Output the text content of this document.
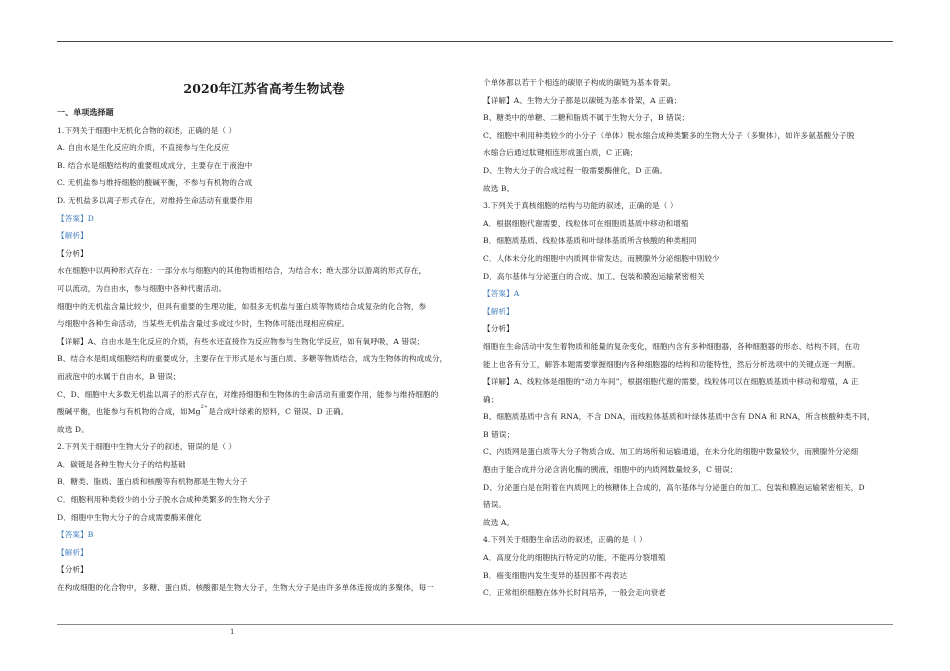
2020年江苏省高考生物试卷
一、单项选择题
1.下列关于细胞中无机化合物的叙述，正确的是（ ）
A. 自由水是生化反应的介质，不直接参与生化反应
B. 结合水是细胞结构的重要组成成分，主要存在于液泡中
C. 无机盐参与维持细胞的酸碱平衡，不参与有机物的合成
D. 无机盐多以离子形式存在，对维持生命活动有重要作用
【答案】D
【解析】
【分析】
水在细胞中以两种形式存在：一部分水与细胞内的其他物质相结合，为结合水；绝大部分以游离的形式存在，
可以流动，为自由水，参与细胞中各种代谢活动。
细胞中的无机盐含量比较少，但具有重要的生理功能，如很多无机盐与蛋白质等物质结合成复杂的化合物，参
与细胞中各种生命活动，当某些无机盐含量过多或过少时，生物体可能出现相应病症。
【详解】A、自由水是生化反应的介质，有些水还直接作为反应物参与生物化学反应，如有氧呼吸，A 错误；
B、结合水是组成细胞结构的重要成分，主要存在于形式是水与蛋白质、多糖等物质结合，成为生物体的构成成分，
而液泡中的水属于自由水，B 错误；
C、D、细胞中大多数无机盐以离子的形式存在，对维持细胞和生物体的生命活动有重要作用，能参与维持细胞的
酸碱平衡，也能参与有机物的合成，如$Mg^{2+}$是合成叶绿素的原料，C 错误、D 正确。
故选 D。
2.下列关于细胞中生物大分子的叙述，错误的是（ ）
A．碳链是各种生物大分子的结构基础
B．糖类、脂质、蛋白质和核酸等有机物都是生物大分子
C．细胞利用种类较少的小分子脱水合成种类繁多的生物大分子
D．细胞中生物大分子的合成需要酶来催化
【答案】B
【解析】
【分析】
在构成细胞的化合物中，多糖、蛋白质、核酸都是生物大分子，生物大分子是由许多单体连接成的多聚体，每一
个单体都以若干个相连的碳原子构成的碳链为基本骨架。
【详解】A、生物大分子都是以碳链为基本骨架，A 正确；
B、糖类中的单糖、二糖和脂质不属于生物大分子，B 错误；
C、细胞中利用种类较少的小分子（单体）脱水缩合成种类繁多的生物大分子（多聚体），如许多氨基酸分子脱
水缩合后通过肽键相连形成蛋白质，C 正确；
D、生物大分子的合成过程一般需要酶催化，D 正确。
故选 B。
3.下列关于真核细胞的结构与功能的叙述，正确的是（ ）
A．根据细胞代谢需要，线粒体可在细胞质基质中移动和增殖
B．细胞质基质、线粒体基质和叶绿体基质所含核酸的种类相同
C．人体未分化的细胞中内质网非常发达，而胰腺外分泌细胞中则较少
D．高尔基体与分泌蛋白的合成、加工、包装和膜泡运输紧密相关
【答案】A
【解析】
【分析】
细胞在生命活动中发生着物质和能量的复杂变化，细胞内含有多种细胞器，各种细胞器的形态、结构不同，在功
能上也各有分工，解答本题需要掌握细胞内各种细胞器的结构和功能特性，然后分析选项中的关键点逐一判断。
【详解】A、线粒体是细胞的“动力车间”，根据细胞代谢的需要，线粒体可以在细胞质基质中移动和增殖，A 正
确；
B、细胞质基质中含有 RNA，不含 DNA，而线粒体基质和叶绿体基质中含有 DNA 和 RNA，所含核酸种类不同，
B 错误；
C、内质网是蛋白质等大分子物质合成、加工的场所和运输通道，在未分化的细胞中数量较少，而胰腺外分泌细
胞由于能合成并分泌含消化酶的胰液，细胞中的内质网数量较多，C 错误；
D、分泌蛋白是在附着在内质网上的核糖体上合成的，高尔基体与分泌蛋白的加工、包装和膜泡运输紧密相关，D
错误。
故选 A。
4.下列关于细胞生命活动的叙述，正确的是（ ）
A．高度分化的细胞执行特定的功能，不能再分裂增殖
B．癌变细胞内发生变异的基因都不再表达
C．正常组织细胞在体外长时间培养，一般会走向衰老
1
